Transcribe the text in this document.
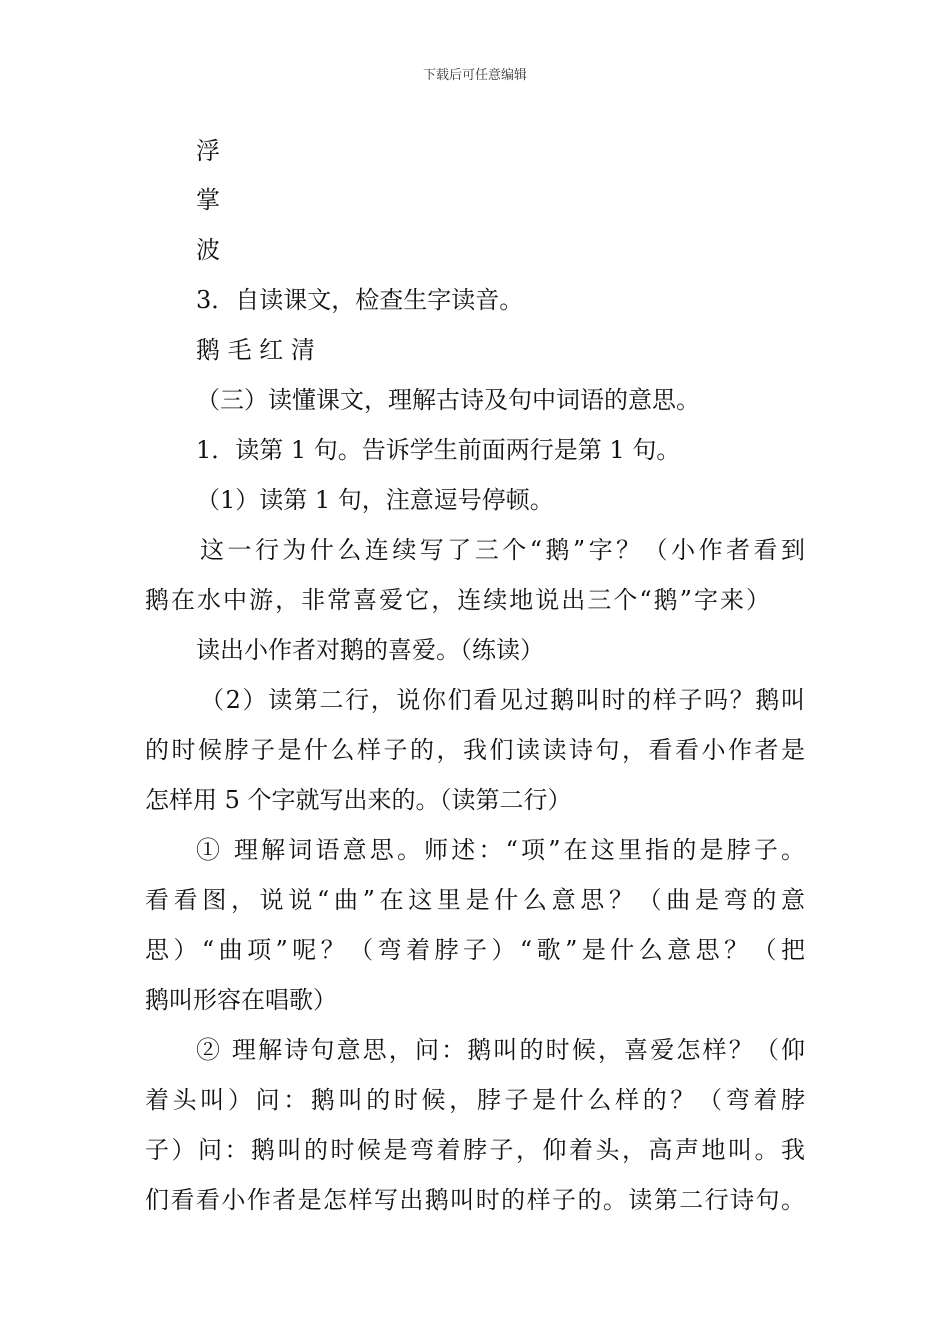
下载后可任意编辑
浮
掌
波
3．自读课文，检查生字读音。
鹅 毛 红 清
（三）读懂课文，理解古诗及句中词语的意思。
1．读第 1 句。告诉学生前面两行是第 1 句。
（1）读第 1 句，注意逗号停顿。
这一行为什么连续写了三个“鹅”字？（小作者看到
鹅在水中游，非常喜爱它，连续地说出三个“鹅”字来）
读出小作者对鹅的喜爱。（练读）
（2）读第二行，说你们看见过鹅叫时的样子吗？鹅叫
的时候脖子是什么样子的，我们读读诗句，看看小作者是
怎样用 5 个字就写出来的。（读第二行）
① 理解词语意思。师述：“项”在这里指的是脖子。
看看图，说说“曲”在这里是什么意思？（曲是弯的意
思）“曲项”呢？（弯着脖子）“歌”是什么意思？（把
鹅叫形容在唱歌）
② 理解诗句意思，问：鹅叫的时候，喜爱怎样？（仰
着头叫）问：鹅叫的时候，脖子是什么样的？（弯着脖
子）问：鹅叫的时候是弯着脖子，仰着头，高声地叫。我
们看看小作者是怎样写出鹅叫时的样子的。读第二行诗句。
